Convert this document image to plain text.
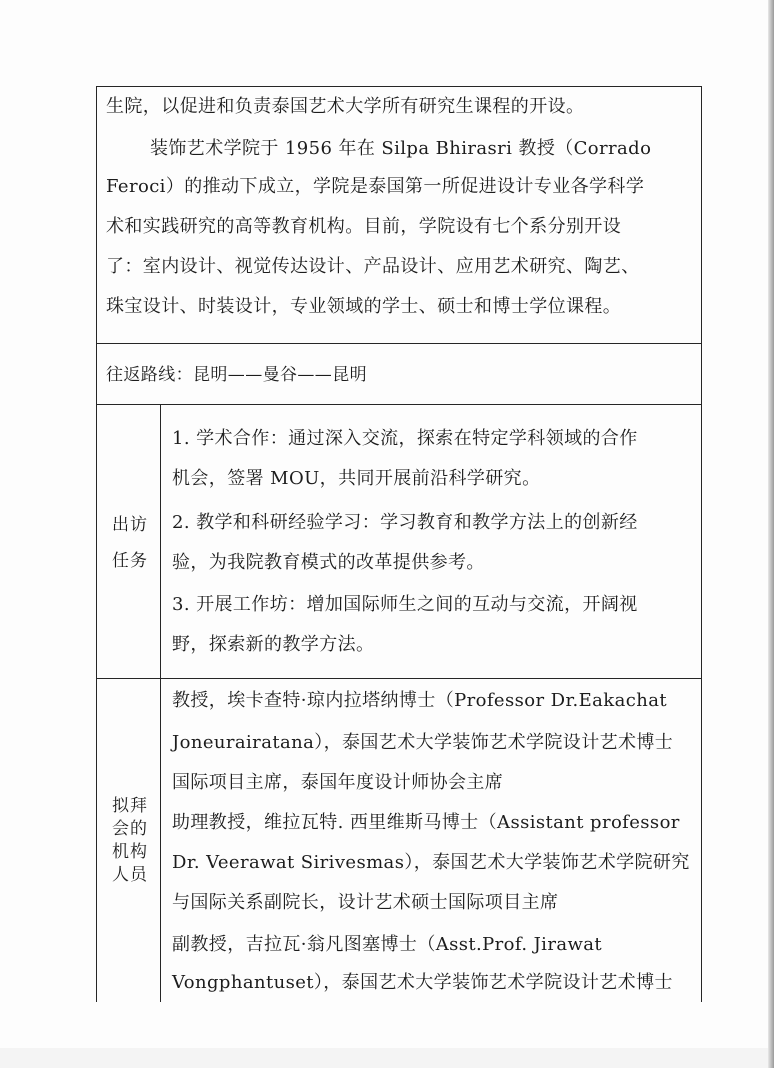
生院，以促进和负责泰国艺术大学所有研究生课程的开设。
装饰艺术学院于 1956 年在 Silpa Bhirasri 教授（Corrado
Feroci）的推动下成立，学院是泰国第一所促进设计专业各学科学
术和实践研究的高等教育机构。目前，学院设有七个系分别开设
了：室内设计、视觉传达设计、产品设计、应用艺术研究、陶艺、
珠宝设计、时装设计，专业领域的学士、硕士和博士学位课程。
往返路线：昆明——曼谷——昆明
出访
任务
1. 学术合作：通过深入交流，探索在特定学科领域的合作
机会，签署 MOU，共同开展前沿科学研究。
2. 教学和科研经验学习：学习教育和教学方法上的创新经
验，为我院教育模式的改革提供参考。
3. 开展工作坊：增加国际师生之间的互动与交流，开阔视
野，探索新的教学方法。
拟拜
会的
机构
人员
教授，埃卡查特·琼内拉塔纳博士（Professor Dr.Eakachat
Joneurairatana），泰国艺术大学装饰艺术学院设计艺术博士
国际项目主席，泰国年度设计师协会主席
助理教授，维拉瓦特. 西里维斯马博士（Assistant professor
Dr. Veerawat Sirivesmas），泰国艺术大学装饰艺术学院研究
与国际关系副院长，设计艺术硕士国际项目主席
副教授，吉拉瓦·翁凡图塞博士（Asst.Prof. Jirawat
Vongphantuset），泰国艺术大学装饰艺术学院设计艺术博士
